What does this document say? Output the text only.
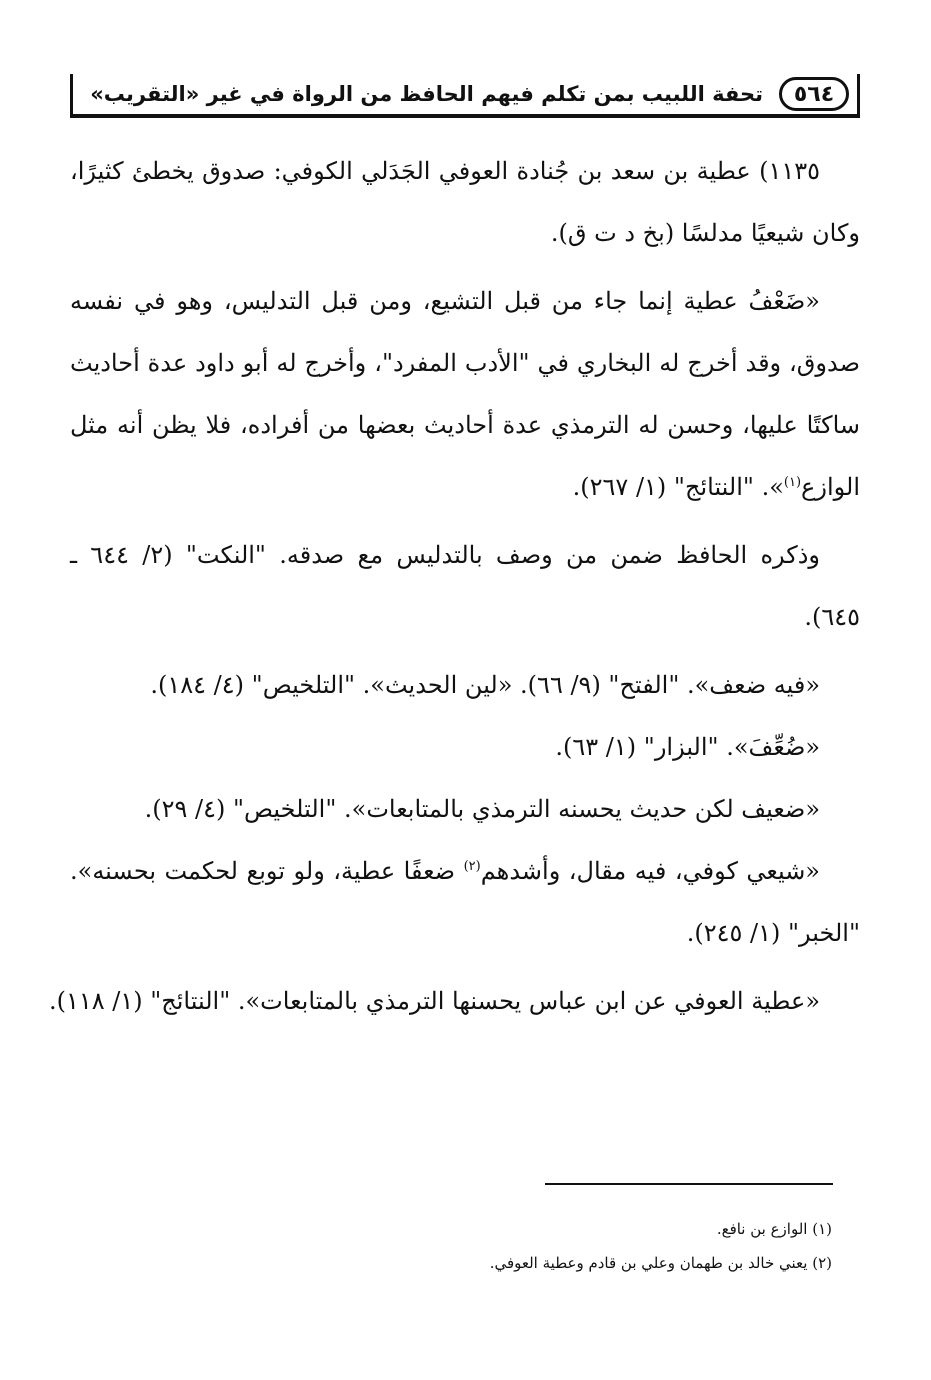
٥٦٤
تحفة اللبيب بمن تكلم فيهم الحافظ من الرواة في غير «التقريب»

١١٣٥) عطية بن سعد بن جُنادة العوفي الجَدَلي الكوفي: صدوق يخطئ كثيرًا، وكان شيعيًا مدلسًا (بخ د ت ق).

«ضَعْفُ عطية إنما جاء من قبل التشيع، ومن قبل التدليس، وهو في نفسه صدوق، وقد أخرج له البخاري في "الأدب المفرد"، وأخرج له أبو داود عدة أحاديث ساكتًا عليها، وحسن له الترمذي عدة أحاديث بعضها من أفراده، فلا يظن أنه مثل الوازع$^{(١)}$». "النتائج" (١/ ٢٦٧).

وذكره الحافظ ضمن من وصف بالتدليس مع صدقه. "النكت" (٢/ ٦٤٤ ـ ٦٤٥).

«فيه ضعف». "الفتح" (٩/ ٦٦). «لين الحديث». "التلخيص" (٤/ ١٨٤).

«ضُعِّفَ». "البزار" (١/ ٦٣).

«ضعيف لكن حديث يحسنه الترمذي بالمتابعات». "التلخيص" (٤/ ٢٩).

«شيعي كوفي، فيه مقال، وأشدهم$^{(٢)}$ ضعفًا عطية، ولو توبع لحكمت بحسنه». "الخبر" (١/ ٢٤٥).

«عطية العوفي عن ابن عباس يحسنها الترمذي بالمتابعات». "النتائج" (١/ ١١٨).

(١) الوازع بن نافع.

(٢) يعني خالد بن طهمان وعلي بن قادم وعطية العوفي.
